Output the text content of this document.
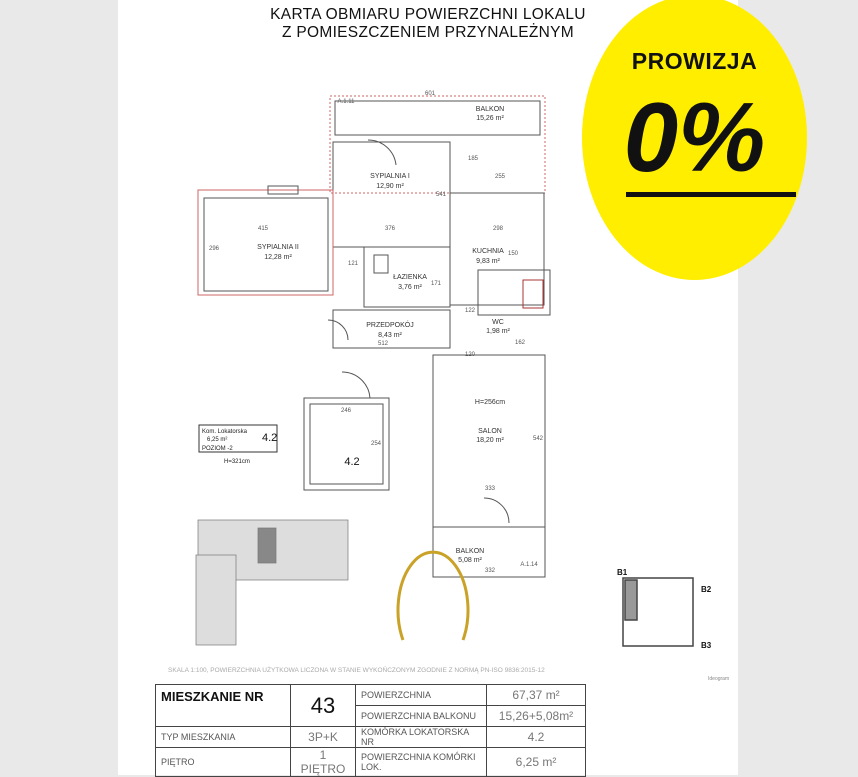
KARTA OBMIARU POWIERZCHNI LOKALU
Z POMIESZCZENIEM PRZYNALEŻNYM
BALKON
15,26 m²
SYPIALNIA I
12,90 m²
SYPIALNIA II
12,28 m²
KUCHNIA
9,83 m²
ŁAZIENKA
3,76 m²
PRZEDPOKÓJ
8,43 m²
WC
1,98 m²
H=256cm
SALON
18,20 m²
BALKON
5,08 m²
601
376
415	298
246
121
122
512	162
120
333
332
542
541
296
255
171
150
185
254
A.1.11
A.1.14
Kom. Lokatorska
6,25 m²
POZIOM -2
H=321cm
4.2
4.2
B1
B2
B3
SKALA 1:100, POWIERZCHNIA UŻYTKOWA LICZONA W STANIE WYKOŃCZONYM ZGODNIE Z NORMĄ PN-ISO 9836:2015-12
Ideogram
PROWIZJA
0%
MIESZKANIE NR	43	POWIERZCHNIA	67,37 m²
		POWIERZCHNIA BALKONU	15,26+5,08m²
TYP MIESZKANIA	3P+K	KOMÓRKA LOKATORSKA NR	4.2
PIĘTRO	1 PIĘTRO	POWIERZCHNIA KOMÓRKI LOK.	6,25 m²
